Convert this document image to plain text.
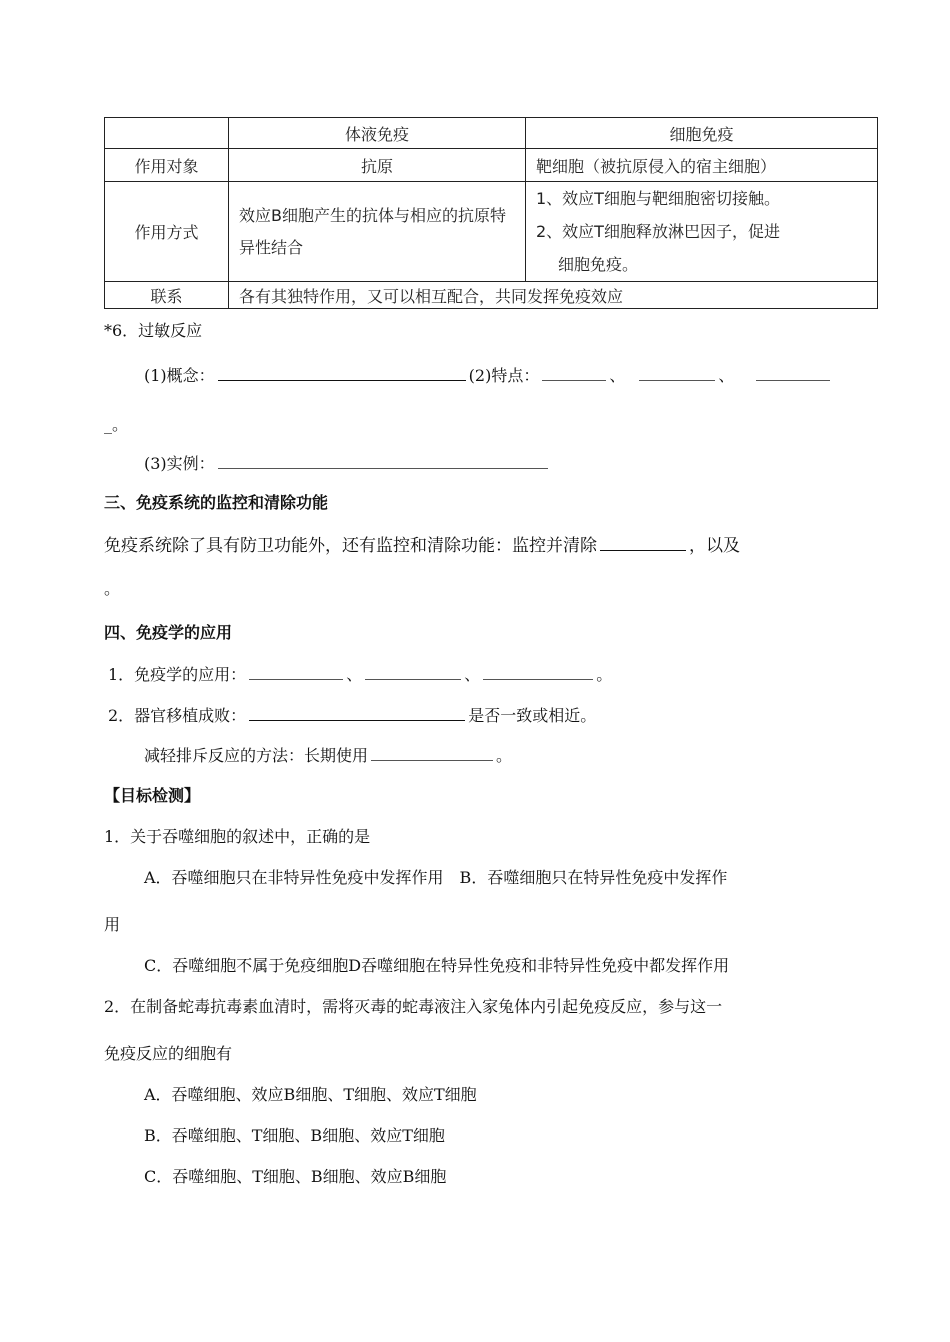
	体液免疫	细胞免疫
作用对象	抗原	靶细胞（被抗原侵入的宿主细胞）
作用方式	效应B细胞产生的抗体与相应的抗原特异性结合	1、效应T细胞与靶细胞密切接触。
2、效应T细胞释放淋巴因子，促进
细胞免疫。

联系	各有其独特作用，又可以相互配合，共同发挥免疫效应	
*6．过敏反应
(1)概念：	(2)特点：	、	、
_。
(3)实例：
三、免疫系统的监控和清除功能
免疫系统除了具有防卫功能外，还有监控和清除功能：监控并清除	，以及
。
四、免疫学的应用
1．免疫学的应用：	、	、	。
2．器官移植成败：	是否一致或相近。
减轻排斥反应的方法：长期使用	。
【目标检测】
1．关于吞噬细胞的叙述中，正确的是
A．吞噬细胞只在非特异性免疫中发挥作用　B．吞噬细胞只在特异性免疫中发挥作
用
C．吞噬细胞不属于免疫细胞D吞噬细胞在特异性免疫和非特异性免疫中都发挥作用
2．在制备蛇毒抗毒素血清时，需将灭毒的蛇毒液注入家兔体内引起免疫反应，参与这一
免疫反应的细胞有
A．吞噬细胞、效应B细胞、T细胞、效应T细胞
B．吞噬细胞、T细胞、B细胞、效应T细胞
C．吞噬细胞、T细胞、B细胞、效应B细胞
